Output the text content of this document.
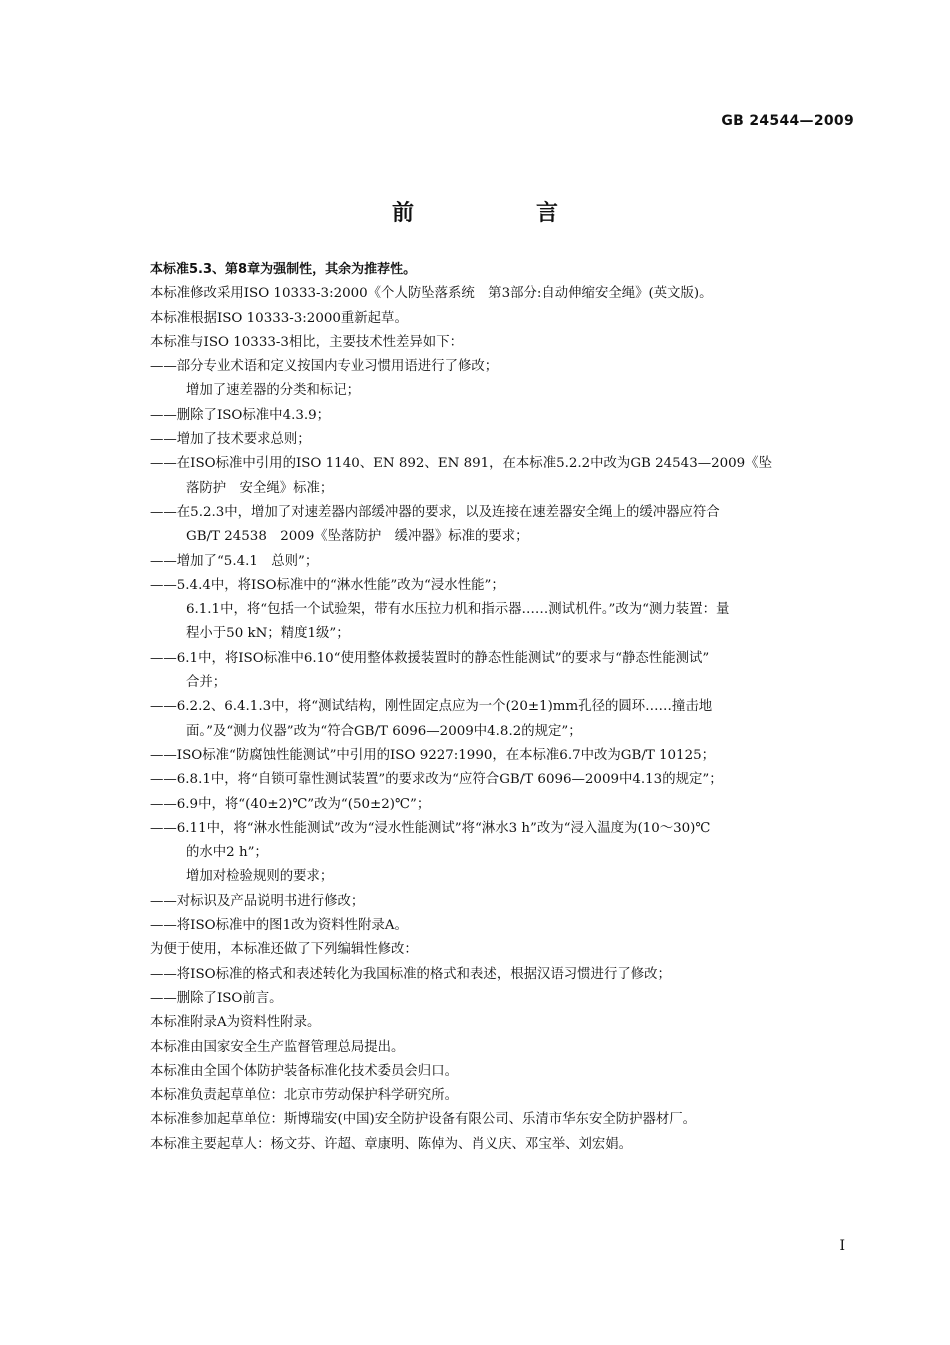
GB 24544—2009
前　言
本标准5.3、第8章为强制性，其余为推荐性。
本标准修改采用ISO 10333-3:2000《个人防坠落系统　第3部分:自动伸缩安全绳》(英文版)。
本标准根据ISO 10333-3:2000重新起草。
本标准与ISO 10333-3相比，主要技术性差异如下：
——部分专业术语和定义按国内专业习惯用语进行了修改；
增加了速差器的分类和标记；
——删除了ISO标准中4.3.9；
——增加了技术要求总则；
——在ISO标准中引用的ISO 1140、EN 892、EN 891，在本标准5.2.2中改为GB 24543—2009《坠
落防护　安全绳》标准；
——在5.2.3中，增加了对速差器内部缓冲器的要求，以及连接在速差器安全绳上的缓冲器应符合
GB/T 24538　2009《坠落防护　缓冲器》标准的要求；
——增加了“5.4.1　总则”；
——5.4.4中，将ISO标准中的“淋水性能”改为“浸水性能”；
6.1.1中，将“包括一个试验架，带有水压拉力机和指示器……测试机件。”改为“测力装置：量
程小于50 kN；精度1级”；
——6.1中，将ISO标准中6.10“使用整体救援装置时的静态性能测试”的要求与“静态性能测试”
合并；
——6.2.2、6.4.1.3中，将“测试结构，刚性固定点应为一个(20±1)mm孔径的圆环……撞击地
面。”及“测力仪器”改为“符合GB/T 6096—2009中4.8.2的规定”；
——ISO标准“防腐蚀性能测试”中引用的ISO 9227:1990，在本标准6.7中改为GB/T 10125；
——6.8.1中，将“自锁可靠性测试装置”的要求改为“应符合GB/T 6096—2009中4.13的规定”；
——6.9中，将“(40±2)℃”改为“(50±2)℃”；
——6.11中，将“淋水性能测试”改为“浸水性能测试”将“淋水3 h”改为“浸入温度为(10～30)℃
的水中2 h”；
增加对检验规则的要求；
——对标识及产品说明书进行修改；
——将ISO标准中的图1改为资料性附录A。
为便于使用，本标准还做了下列编辑性修改：
——将ISO标准的格式和表述转化为我国标准的格式和表述，根据汉语习惯进行了修改；
——删除了ISO前言。
本标准附录A为资料性附录。
本标准由国家安全生产监督管理总局提出。
本标准由全国个体防护装备标准化技术委员会归口。
本标准负责起草单位：北京市劳动保护科学研究所。
本标准参加起草单位：斯博瑞安(中国)安全防护设备有限公司、乐清市华东安全防护器材厂。
本标准主要起草人：杨文芬、许超、章康明、陈倬为、肖义庆、邓宝举、刘宏娟。
I
